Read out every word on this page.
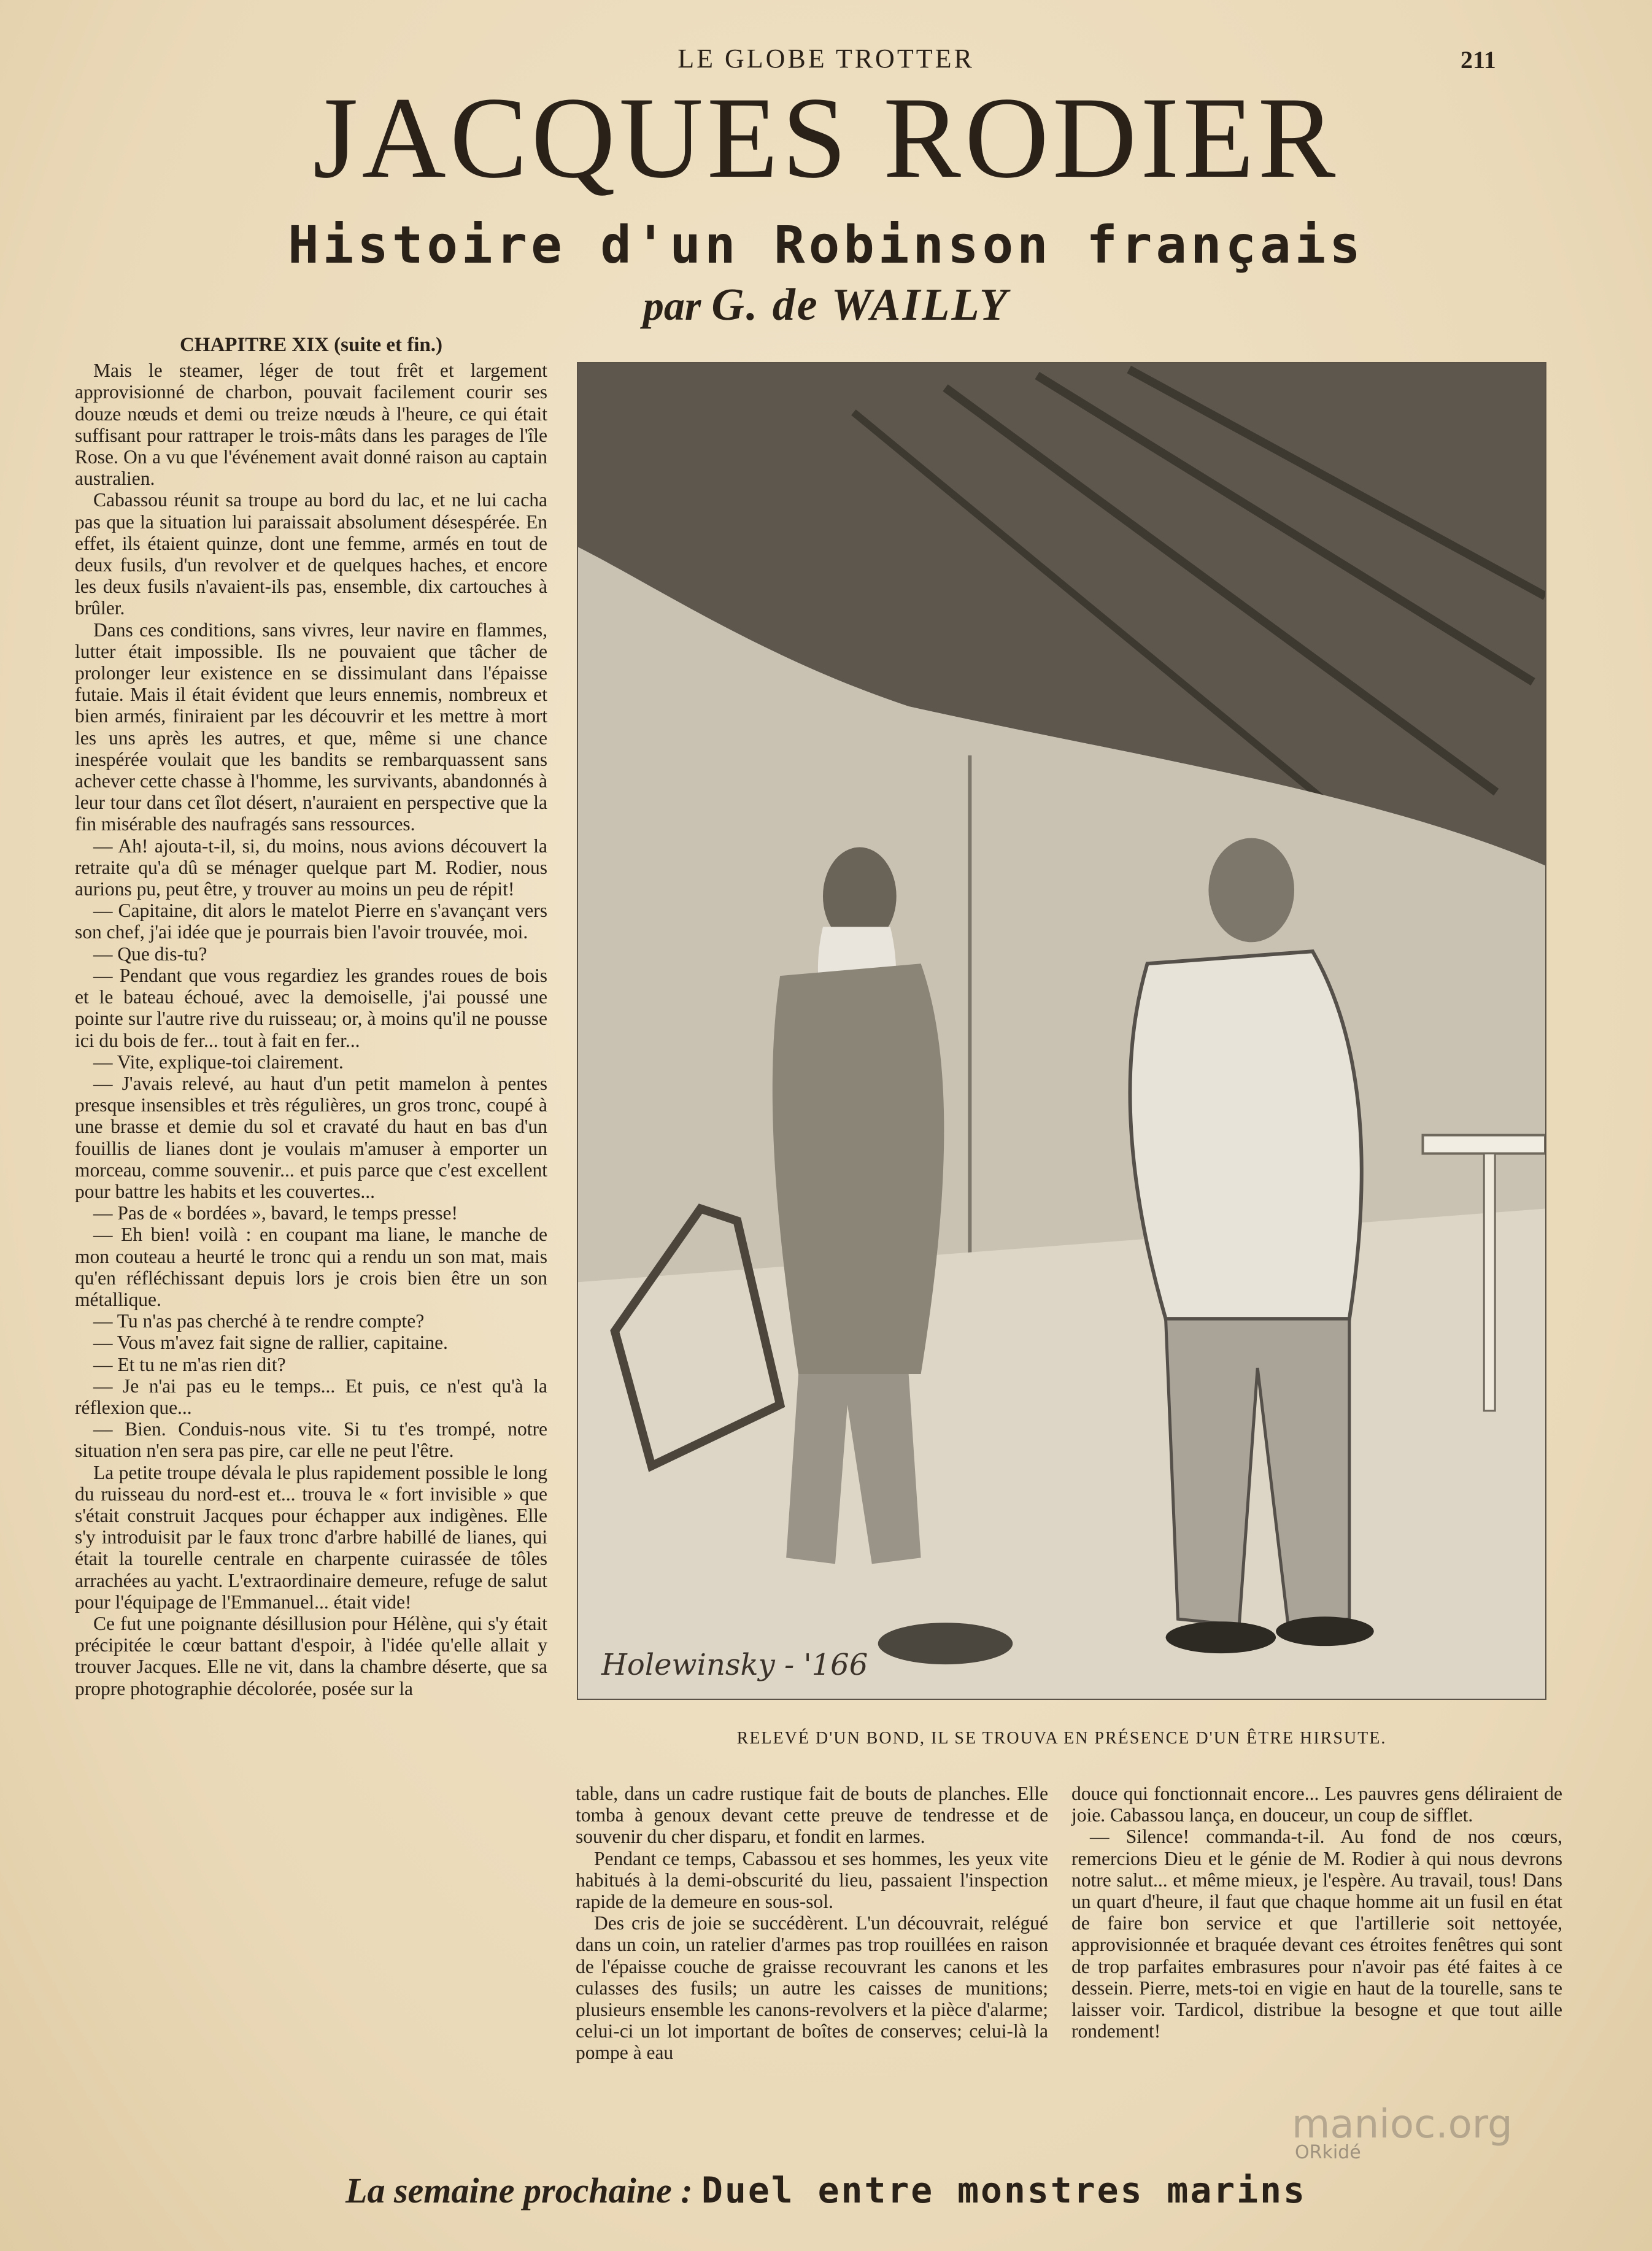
LE GLOBE TROTTER	211
JACQUES RODIER
Histoire d'un Robinson français
par G. de WAILLY

CHAPITRE XIX (suite et fin.)

Mais le steamer, léger de tout frêt et largement approvisionné de charbon, pouvait facilement courir ses douze nœuds et demi ou treize nœuds à l'heure, ce qui était suffisant pour rattraper le trois-mâts dans les parages de l'île Rose. On a vu que l'événement avait donné raison au captain australien.

Cabassou réunit sa troupe au bord du lac, et ne lui cacha pas que la situation lui paraissait absolument désespérée. En effet, ils étaient quinze, dont une femme, armés en tout de deux fusils, d'un revolver et de quelques haches, et encore les deux fusils n'avaient-ils pas, ensemble, dix cartouches à brûler.

Dans ces conditions, sans vivres, leur navire en flammes, lutter était impossible. Ils ne pouvaient que tâcher de prolonger leur existence en se dissimulant dans l'épaisse futaie. Mais il était évident que leurs ennemis, nombreux et bien armés, finiraient par les découvrir et les mettre à mort les uns après les autres, et que, même si une chance inespérée voulait que les bandits se rembarquassent sans achever cette chasse à l'homme, les survivants, abandonnés à leur tour dans cet îlot désert, n'auraient en perspective que la fin misérable des naufragés sans ressources.

— Ah! ajouta-t-il, si, du moins, nous avions découvert la retraite qu'a dû se ménager quelque part M. Rodier, nous aurions pu, peut être, y trouver au moins un peu de répit!

— Capitaine, dit alors le matelot Pierre en s'avançant vers son chef, j'ai idée que je pourrais bien l'avoir trouvée, moi.

— Que dis-tu?

— Pendant que vous regardiez les grandes roues de bois et le bateau échoué, avec la demoiselle, j'ai poussé une pointe sur l'autre rive du ruisseau; or, à moins qu'il ne pousse ici du bois de fer... tout à fait en fer...

— Vite, explique-toi clairement.

— J'avais relevé, au haut d'un petit mamelon à pentes presque insensibles et très régulières, un gros tronc, coupé à une brasse et demie du sol et cravaté du haut en bas d'un fouillis de lianes dont je voulais m'amuser à emporter un morceau, comme souvenir... et puis parce que c'est excellent pour battre les habits et les couvertes...

— Pas de « bordées », bavard, le temps presse!

— Eh bien! voilà : en coupant ma liane, le manche de mon couteau a heurté le tronc qui a rendu un son mat, mais qu'en réfléchissant depuis lors je crois bien être un son métallique.

— Tu n'as pas cherché à te rendre compte?

— Vous m'avez fait signe de rallier, capitaine.

— Et tu ne m'as rien dit?

— Je n'ai pas eu le temps... Et puis, ce n'est qu'à la réflexion que...

— Bien. Conduis-nous vite. Si tu t'es trompé, notre situation n'en sera pas pire, car elle ne peut l'être.

La petite troupe dévala le plus rapidement possible le long du ruisseau du nord-est et... trouva le « fort invisible » que s'était construit Jacques pour échapper aux indigènes. Elle s'y introduisit par le faux tronc d'arbre habillé de lianes, qui était la tourelle centrale en charpente cuirassée de tôles arrachées au yacht. L'extraordinaire demeure, refuge de salut pour l'équipage de l'Emmanuel... était vide!

Ce fut une poignante désillusion pour Hélène, qui s'y était précipitée le cœur battant d'espoir, à l'idée qu'elle allait y trouver Jacques. Elle ne vit, dans la chambre déserte, que sa propre photographie décolorée, posée sur la

Holewinsky - '166
RELEVÉ D'UN BOND, IL SE TROUVA EN PRÉSENCE D'UN ÊTRE HIRSUTE.

table, dans un cadre rustique fait de bouts de planches. Elle tomba à genoux devant cette preuve de tendresse et de souvenir du cher disparu, et fondit en larmes.

Pendant ce temps, Cabassou et ses hommes, les yeux vite habitués à la demi-obscurité du lieu, passaient l'inspection rapide de la demeure en sous-sol.

Des cris de joie se succédèrent. L'un découvrait, relégué dans un coin, un ratelier d'armes pas trop rouillées en raison de l'épaisse couche de graisse recouvrant les canons et les culasses des fusils; un autre les caisses de munitions; plusieurs ensemble les canons-revolvers et la pièce d'alarme; celui-ci un lot important de boîtes de conserves; celui-là la pompe à eau

douce qui fonctionnait encore... Les pauvres gens déliraient de joie. Cabassou lança, en douceur, un coup de sifflet.

— Silence! commanda-t-il. Au fond de nos cœurs, remercions Dieu et le génie de M. Rodier à qui nous devrons notre salut... et même mieux, je l'espère. Au travail, tous! Dans un quart d'heure, il faut que chaque homme ait un fusil en état de faire bon service et que l'artillerie soit nettoyée, approvisionnée et braquée devant ces étroites fenêtres qui sont de trop parfaites embrasures pour n'avoir pas été faites à ce dessein. Pierre, mets-toi en vigie en haut de la tourelle, sans te laisser voir. Tardicol, distribue la besogne et que tout aille rondement!

manioc.org
ORkidé
La semaine prochaine : Duel entre monstres marins
